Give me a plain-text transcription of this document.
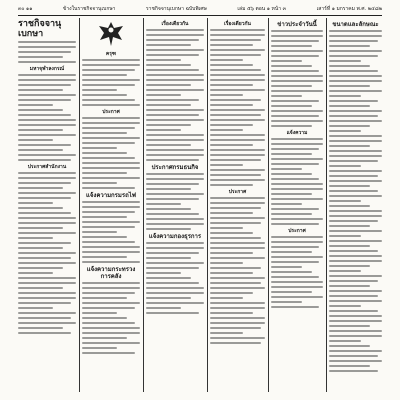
๓๐ ๑๑	ข้างในราชกิจจานุเบกษา	ราชกิจจานุเบกษา ฉบับพิเศษ	เล่ม ๕๖ ตอน ๑ หน้า ๓	เสาร์ที่ ๑ มกราคม พ.ศ. ๒๔๘๒
ราชกิจจานุเบกษา
มหาจุฬาลงกรณ์
ประกาศสำนักงาน
ครุฑ
ประกาศ
แจ้งความกรมรถไฟ
แจ้งความกระทรวงการคลัง
เรื่องเดียวกัน
ประกาศกรมธนกิจ
แจ้งความกองธุรการ
เรื่องเดียวกัน
ประกาศ
ข่าวประจำวันนี้
แจ้งความ
ประกาศ
ขนาดและลักษณะ
